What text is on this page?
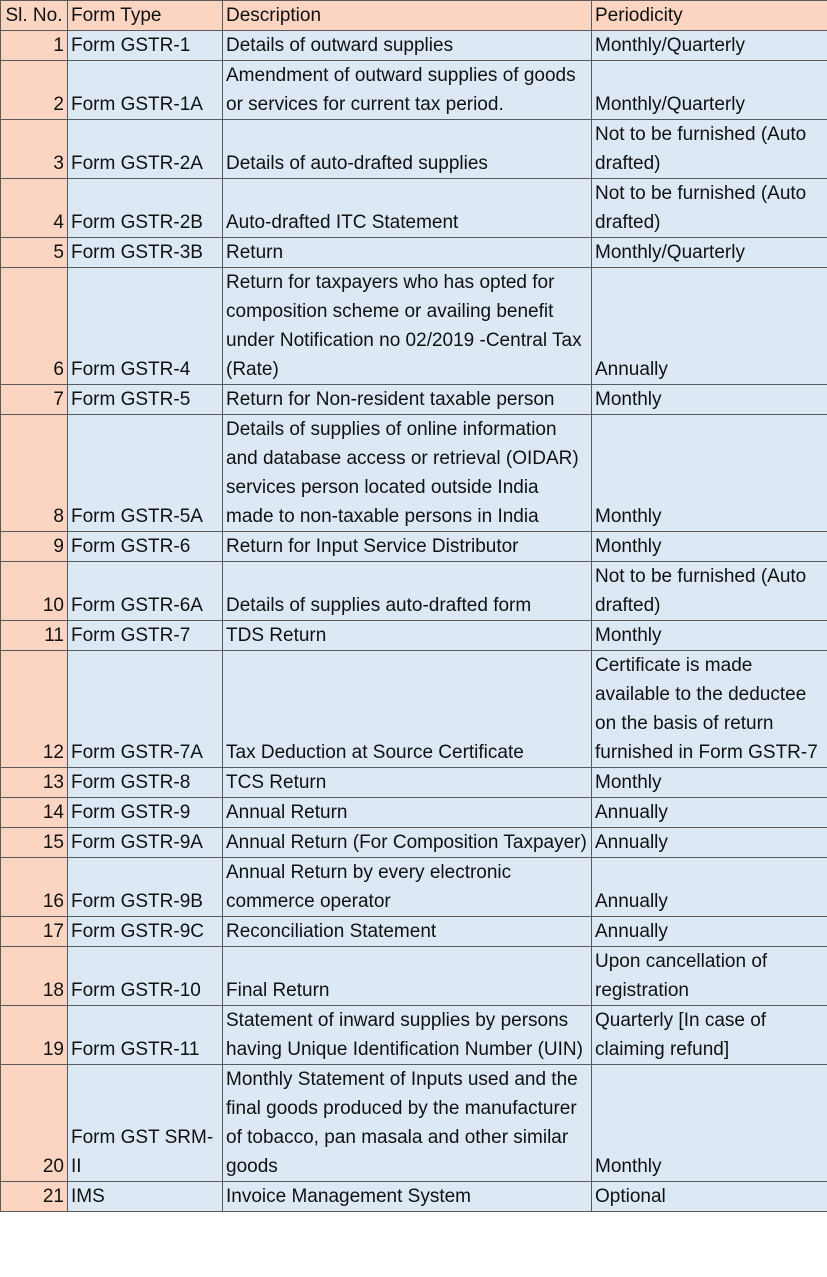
Sl. No.	Form Type	Description	Periodicity
1	Form GSTR-1	Details of outward supplies	Monthly/Quarterly
2	Form GSTR-1A	Amendment of outward supplies of goods or services for current tax period.	Monthly/Quarterly
3	Form GSTR-2A	Details of auto-drafted supplies	Not to be furnished (Auto drafted)
4	Form GSTR-2B	Auto-drafted ITC Statement	Not to be furnished (Auto drafted)
5	Form GSTR-3B	Return	Monthly/Quarterly
6	Form GSTR-4	Return for taxpayers who has opted for composition scheme or availing benefit under Notification no 02/2019 -Central Tax (Rate)	Annually
7	Form GSTR-5	Return for Non-resident taxable person	Monthly
8	Form GSTR-5A	Details of supplies of online information and database access or retrieval (OIDAR) services person located outside India made to non-taxable persons in India	Monthly
9	Form GSTR-6	Return for Input Service Distributor	Monthly
10	Form GSTR-6A	Details of supplies auto-drafted form	Not to be furnished (Auto drafted)
11	Form GSTR-7	TDS Return	Monthly
12	Form GSTR-7A	Tax Deduction at Source Certificate	Certificate is made available to the deductee on the basis of return furnished in Form GSTR-7
13	Form GSTR-8	TCS Return	Monthly
14	Form GSTR-9	Annual Return	Annually
15	Form GSTR-9A	Annual Return (For Composition Taxpayer)	Annually
16	Form GSTR-9B	Annual Return by every electronic commerce operator	Annually
17	Form GSTR-9C	Reconciliation Statement	Annually
18	Form GSTR-10	Final Return	Upon cancellation of registration
19	Form GSTR-11	Statement of inward supplies by persons having Unique Identification Number (UIN)	Quarterly [In case of claiming refund]
20	Form GST SRM-II	Monthly Statement of Inputs used and the final goods produced by the manufacturer of tobacco, pan masala and other similar goods	Monthly
21	IMS	Invoice Management System	Optional
